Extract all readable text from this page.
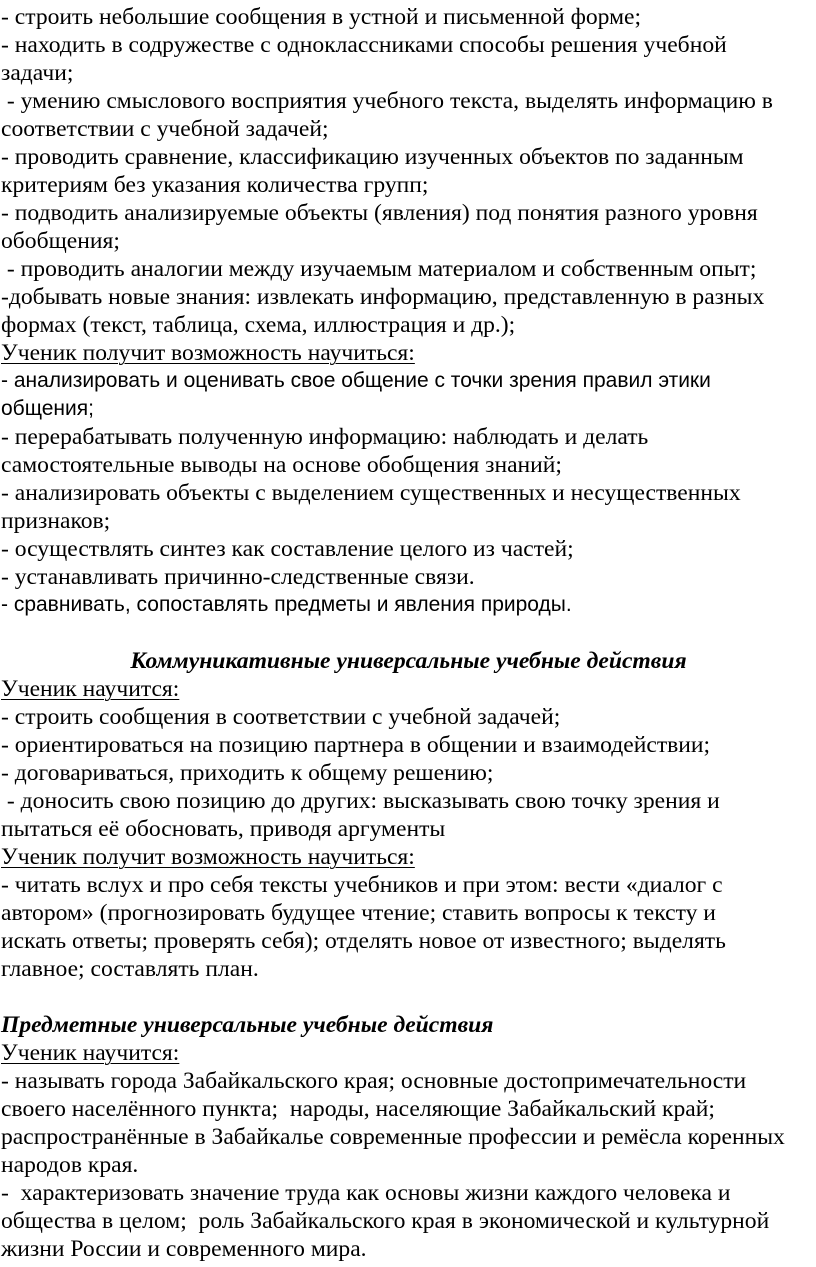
- строить небольшие сообщения в устной и письменной форме;
- находить в содружестве с одноклассниками способы решения учебной
задачи;
- умению смыслового восприятия учебного текста, выделять информацию в
соответствии с учебной задачей;
- проводить сравнение, классификацию изученных объектов по заданным
критериям без указания количества групп;
- подводить анализируемые объекты (явления) под понятия разного уровня
обобщения;
- проводить аналогии между изучаемым материалом и собственным опыт;
-добывать новые знания: извлекать информацию, представленную в разных
формах (текст, таблица, схема, иллюстрация и др.);
Ученик получит возможность научиться:
- анализировать и оценивать свое общение с точки зрения правил этики
общения;
- перерабатывать полученную информацию: наблюдать и делать
самостоятельные выводы на основе обобщения знаний;
- анализировать объекты с выделением существенных и несущественных
признаков;
- осуществлять синтез как составление целого из частей;
- устанавливать причинно-следственные связи.
- сравнивать, сопоставлять предметы и явления природы.
Коммуникативные универсальные учебные действия
Ученик научится:
- строить сообщения в соответствии с учебной задачей;
- ориентироваться на позицию партнера в общении и взаимодействии;
- договариваться, приходить к общему решению;
- доносить свою позицию до других: высказывать свою точку зрения и
пытаться её обосновать, приводя аргументы
Ученик получит возможность научиться:
- читать вслух и про себя тексты учебников и при этом: вести «диалог с
автором» (прогнозировать будущее чтение; ставить вопросы к тексту и
искать ответы; проверять себя); отделять новое от известного; выделять
главное; составлять план.
Предметные универсальные учебные действия
Ученик научится:
- называть города Забайкальского края; основные достопримечательности
своего населённого пункта;  народы, населяющие Забайкальский край;
распространённые в Забайкалье современные профессии и ремёсла коренных
народов края.
-  характеризовать значение труда как основы жизни каждого человека и
общества в целом;  роль Забайкальского края в экономической и культурной
жизни России и современного мира.
